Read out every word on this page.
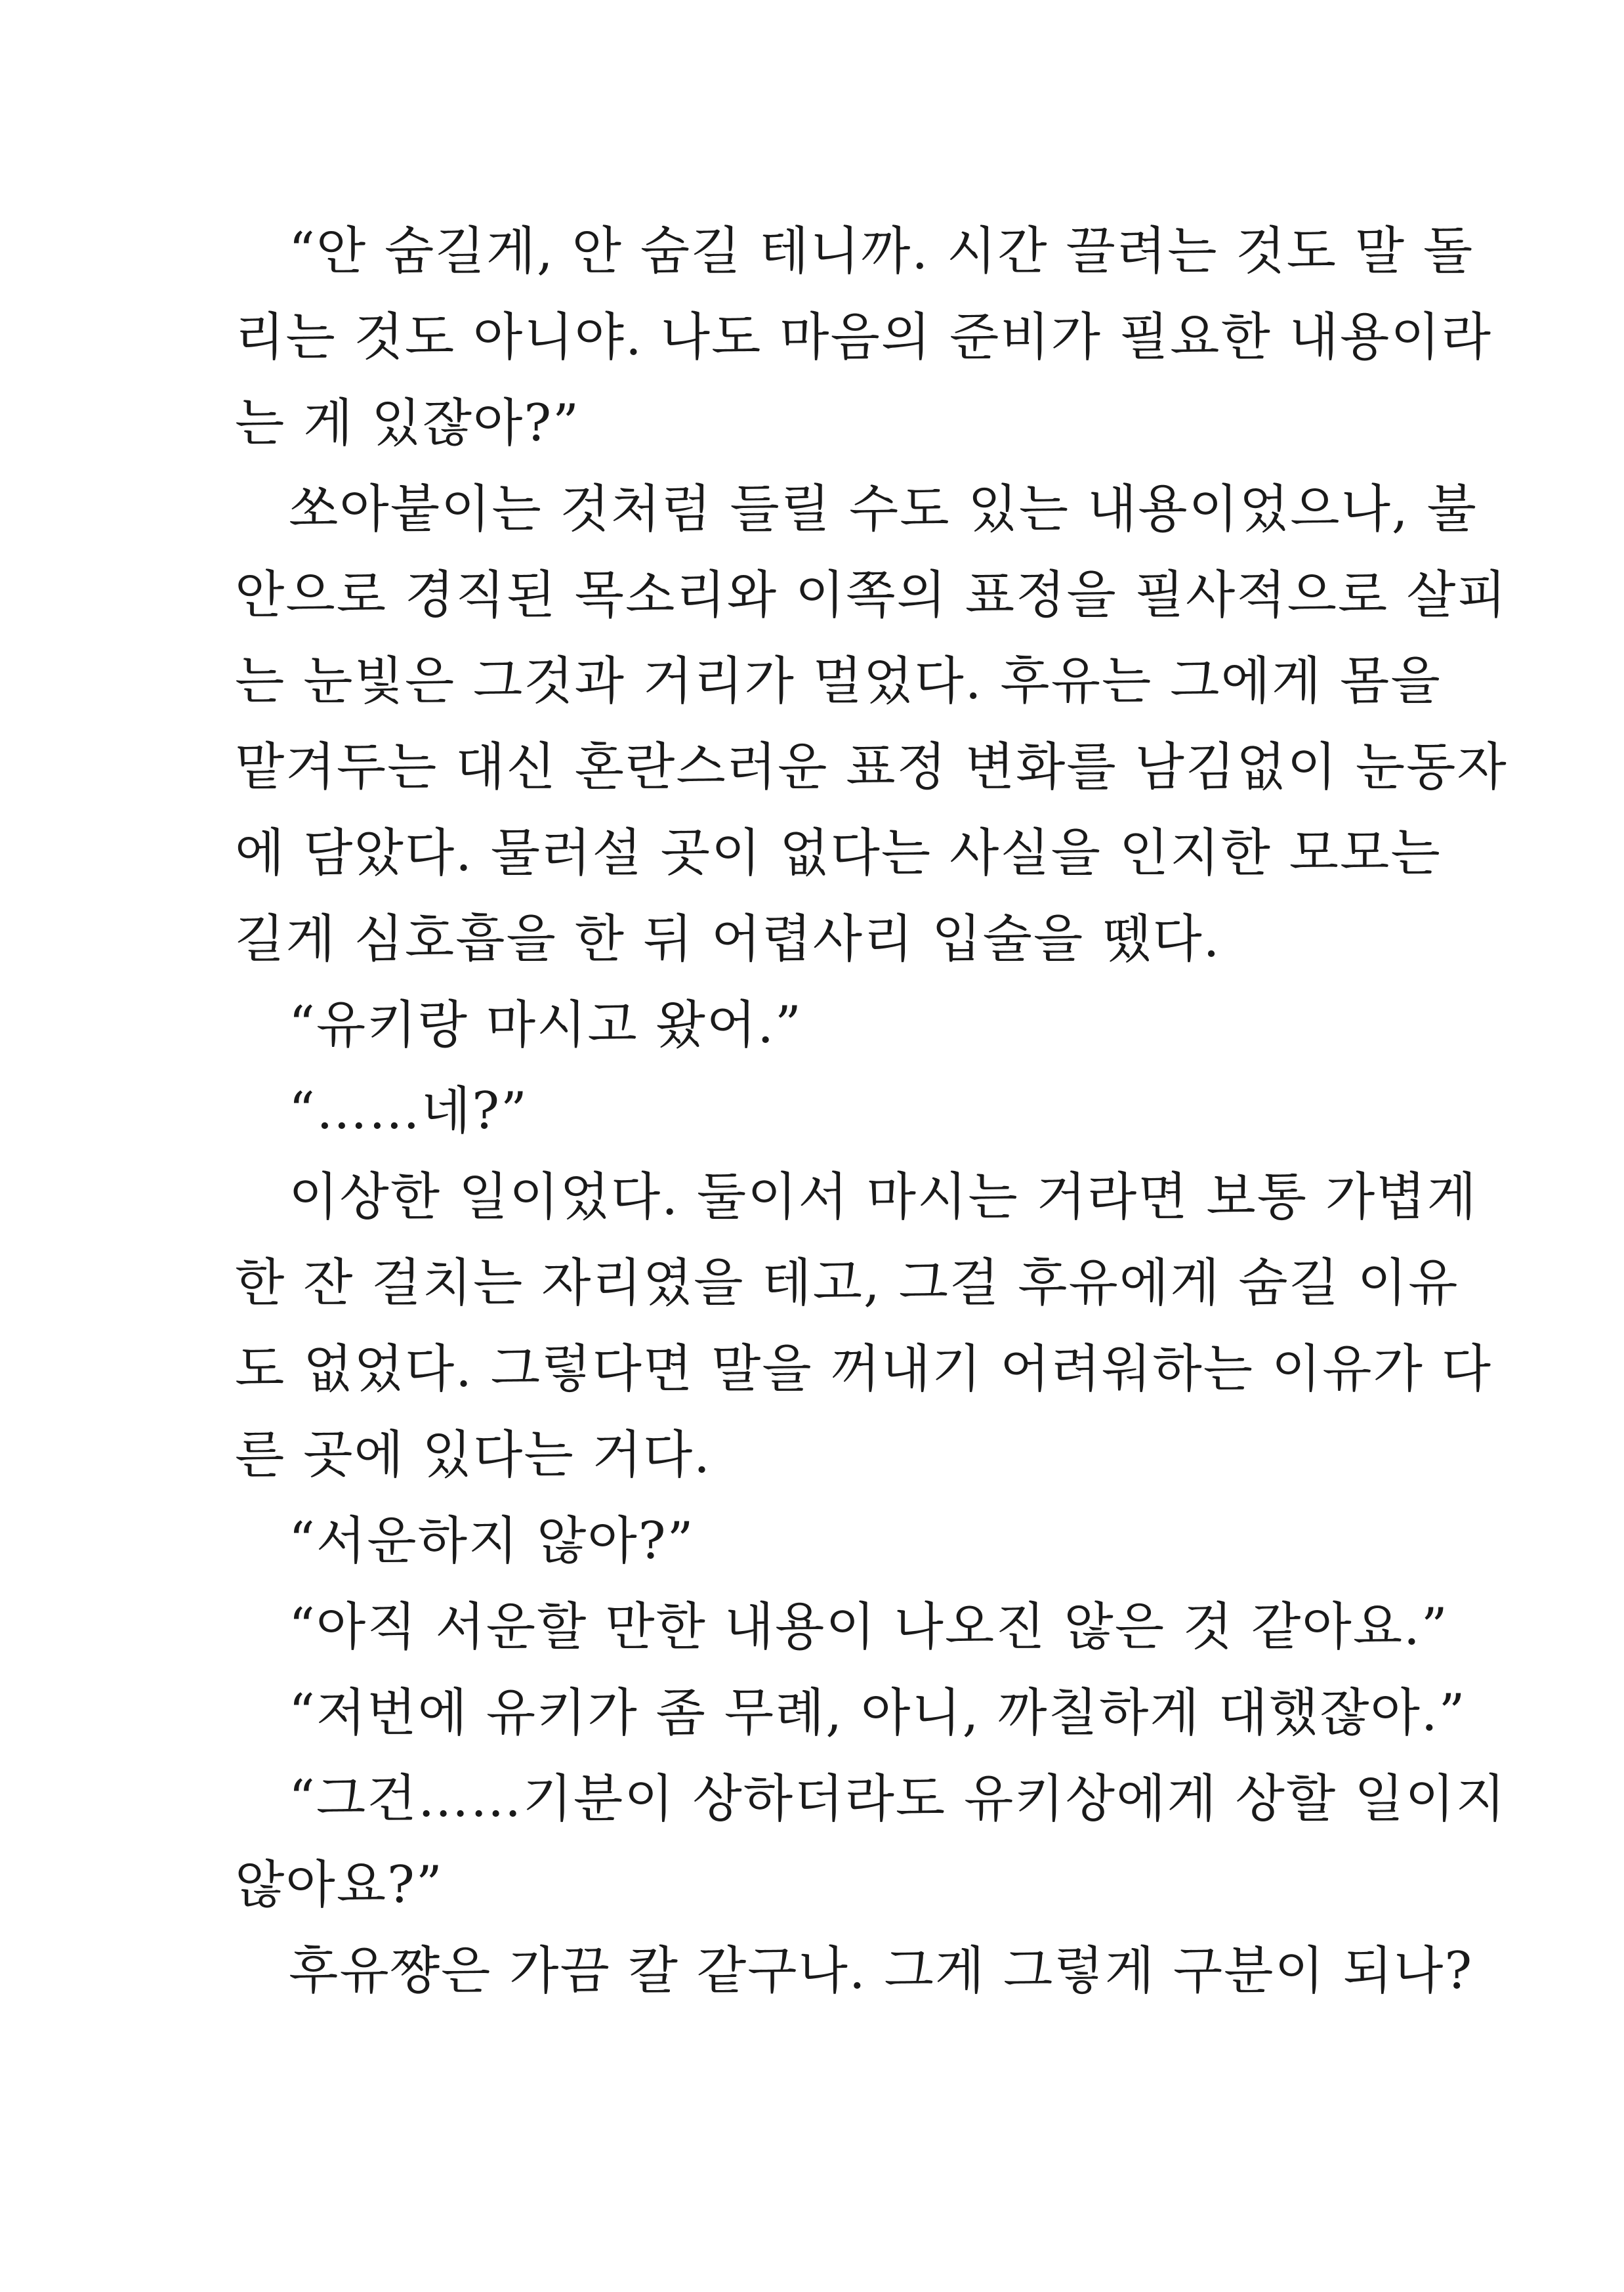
“안 숨길게, 안 숨길 테니까. 시간 끌려는 것도 말 돌
리는 것도 아니야. 나도 마음의 준비가 필요한 내용이라
는 게 있잖아?”
쏘아붙이는 것처럼 들릴 수도 있는 내용이었으나, 불
안으로 경직된 목소리와 이쪽의 표정을 필사적으로 살피
는 눈빛은 그것과 거리가 멀었다. 후유는 그에게 몸을
맡겨두는 대신 혼란스러운 표정 변화를 남김없이 눈동자
에 담았다. 물러설 곳이 없다는 사실을 인지한 모모는
길게 심호흡을 한 뒤 어렵사리 입술을 뗐다.
“유키랑 마시고 왔어.”
“……네?”
이상한 일이었다. 둘이서 마시는 거라면 보통 가볍게
한 잔 걸치는 자리였을 테고, 그걸 후유에게 숨길 이유
도 없었다. 그렇다면 말을 꺼내기 어려워하는 이유가 다
른 곳에 있다는 거다.
“서운하지 않아?”
“아직 서운할 만한 내용이 나오진 않은 것 같아요.”
“저번에 유키가 좀 무례, 아니, 까칠하게 대했잖아.”
“그건……기분이 상하더라도 유키상에게 상할 일이지
않아요?”
후유쨩은 가끔 칼 같구나. 그게 그렇게 구분이 되나?
